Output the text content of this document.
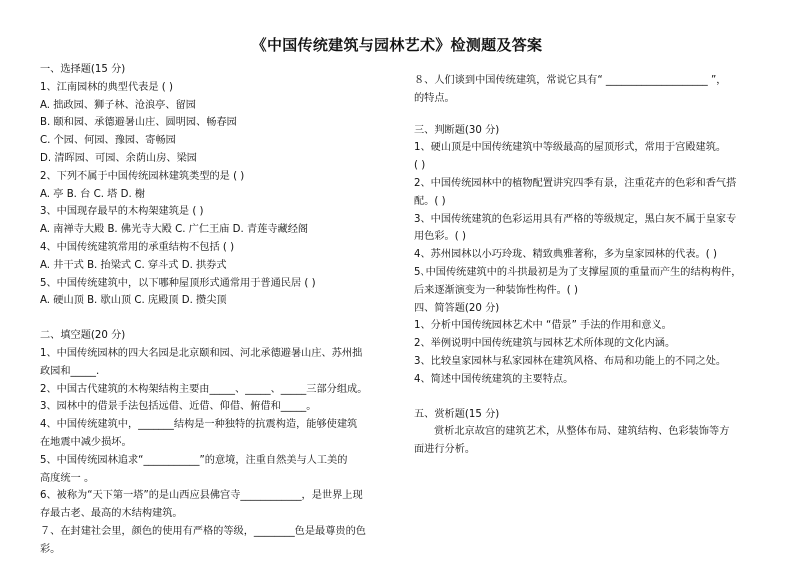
《中国传统建筑与园林艺术》检测题及答案
一、选择题(15 分)
1、江南园林的典型代表是 ( )
A. 拙政园、狮子林、沧浪亭、留园
B. 颐和园、承德避暑山庄、圆明园、畅春园
C. 个园、何园、豫园、寄畅园
D. 清晖园、可园、余荫山房、梁园
2、下列不属于中国传统园林建筑类型的是 ( )
A. 亭 B. 台 C. 塔 D. 榭
3、中国现存最早的木构架建筑是 ( )
A. 南禅寺大殿 B. 佛光寺大殿 C. 广仁王庙 D. 青莲寺藏经阁
4、中国传统建筑常用的承重结构不包括 ( )
A. 井干式 B. 抬梁式 C. 穿斗式 D. 拱券式
5、中国传统建筑中，以下哪种屋顶形式通常用于普通民居 ( )
A. 硬山顶 B. 歇山顶 C. 庑殿顶 D. 攒尖顶
二、填空题(20 分)
1、中国传统园林的四大名园是北京颐和园、河北承德避暑山庄、苏州拙
政园和_____.
2、中国古代建筑的木构架结构主要由_____、_____、_____三部分组成。
3、园林中的借景手法包括远借、近借、仰借、俯借和_____。
4、中国传统建筑中，_______结构是一种独特的抗震构造，能够使建筑
在地震中减少损坏。
5、中国传统园林追求“___________”的意境，注重自然美与人工美的
高度统一 。
6、被称为“天下第一塔”的是山西应县佛宫寺____________，是世界上现
存最古老、最高的木结构建筑。
７、在封建社会里，颜色的使用有严格的等级，________色是最尊贵的色
彩。
８、人们谈到中国传统建筑，常说它具有“ ____________________ ”，
的特点。
三、判断题(30 分)
1、硬山顶是中国传统建筑中等级最高的屋顶形式，常用于宫殿建筑。
( )
2、中国传统园林中的植物配置讲究四季有景，注重花卉的色彩和香气搭
配。( )
3、中国传统建筑的色彩运用具有严格的等级规定，黑白灰不属于皇家专
用色彩。( )
4、苏州园林以小巧玲珑、精致典雅著称，多为皇家园林的代表。( )
5､中国传统建筑中的斗拱最初是为了支撑屋顶的重量而产生的结构构件，
后来逐渐演变为一种装饰性构件。( )
四、简答题(20 分)
1、分析中国传统园林艺术中 “借景” 手法的作用和意义。
2、举例说明中国传统建筑与园林艺术所体现的文化内涵。
3、比较皇家园林与私家园林在建筑风格、布局和功能上的不同之处。
4、简述中国传统建筑的主要特点。
五、赏析题(15 分)
赏析北京故宫的建筑艺术，从整体布局、建筑结构、色彩装饰等方
面进行分析。
